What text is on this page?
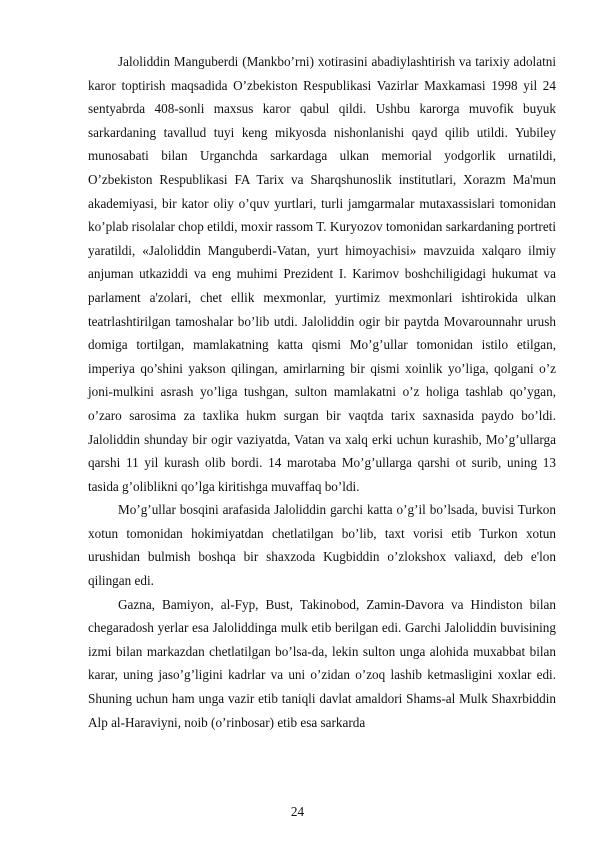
Jaloliddin Manguberdi (Mankbo’rni) xotirasini abadiylashtirish va tarixiy adolatni karor toptirish maqsadida O’zbekiston Respublikasi Vazirlar Maxkamasi 1998 yil 24 sentyabrda 408-sonli maxsus karor qabul qildi. Ushbu karorga muvofik buyuk sarkardaning tavallud tuyi keng mikyosda nishonlanishi qayd qilib utildi. Yubiley munosabati bilan Urganchda sarkardaga ulkan memorial yodgorlik urnatildi, O’zbekiston Respublikasi FA Tarix va Sharqshunoslik institutlari, Xorazm Ma'mun akademiyasi, bir kator oliy o’quv yurtlari, turli jamgarmalar mutaxassislari tomonidan ko’plab risolalar chop etildi, moxir rassom T. Kuryozov tomonidan sarkardaning portreti yaratildi, «Jaloliddin Manguberdi-Vatan, yurt himoyachisi» mavzuida xalqaro ilmiy anjuman utkaziddi va eng muhimi Prezident I. Karimov boshchiligidagi hukumat va parlament a'zolari, chet ellik mexmonlar, yurtimiz mexmonlari ishtirokida ulkan teatrlashtirilgan tamoshalar bo’lib utdi. Jaloliddin ogir bir paytda Movarounnahr urush domiga tortilgan, mamlakatning katta qismi Mo’g’ullar tomonidan istilo etilgan, imperiya qo’shini yakson qilingan, amirlarning bir qismi xoinlik yo’liga, qolgani o’z joni-mulkini asrash yo’liga tushgan, sulton mamlakatni o’z holiga tashlab qo’ygan, o’zaro sarosima za taxlika hukm surgan bir vaqtda tarix saxnasida paydo bo’ldi. Jaloliddin shunday bir ogir vaziyatda, Vatan va xalq erki uchun kurashib, Mo’g’ullarga qarshi 11 yil kurash olib bordi. 14 marotaba Mo’g’ullarga qarshi ot surib, uning 13 tasida g’oliblikni qo’lga kiritishga muvaffaq bo’ldi.

Mo’g’ullar bosqini arafasida Jaloliddin garchi katta o’g’il bo’lsada, buvisi Turkon xotun tomonidan hokimiyatdan chetlatilgan bo’lib, taxt vorisi etib Turkon xotun urushidan bulmish boshqa bir shaxzoda Kugbiddin o’zlokshox valiaxd, deb e'lon qilingan edi.

Gazna, Bamiyon, al-Fyp, Bust, Takinobod, Zamin-Davora va Hindiston bilan chegaradosh yerlar esa Jaloliddinga mulk etib berilgan edi. Garchi Jaloliddin buvisining izmi bilan markazdan chetlatilgan bo’lsa-da, lekin sulton unga alohida muxabbat bilan karar, uning jaso’g’ligini kadrlar va uni o’zidan o’zoq lashib ketmasligini xoxlar edi. Shuning uchun ham unga vazir etib taniqli davlat amaldori Shams-al Mulk Shaxrbiddin Alp al-Haravіyni, noib (o’rinbosar) etib esa sarkarda

24
